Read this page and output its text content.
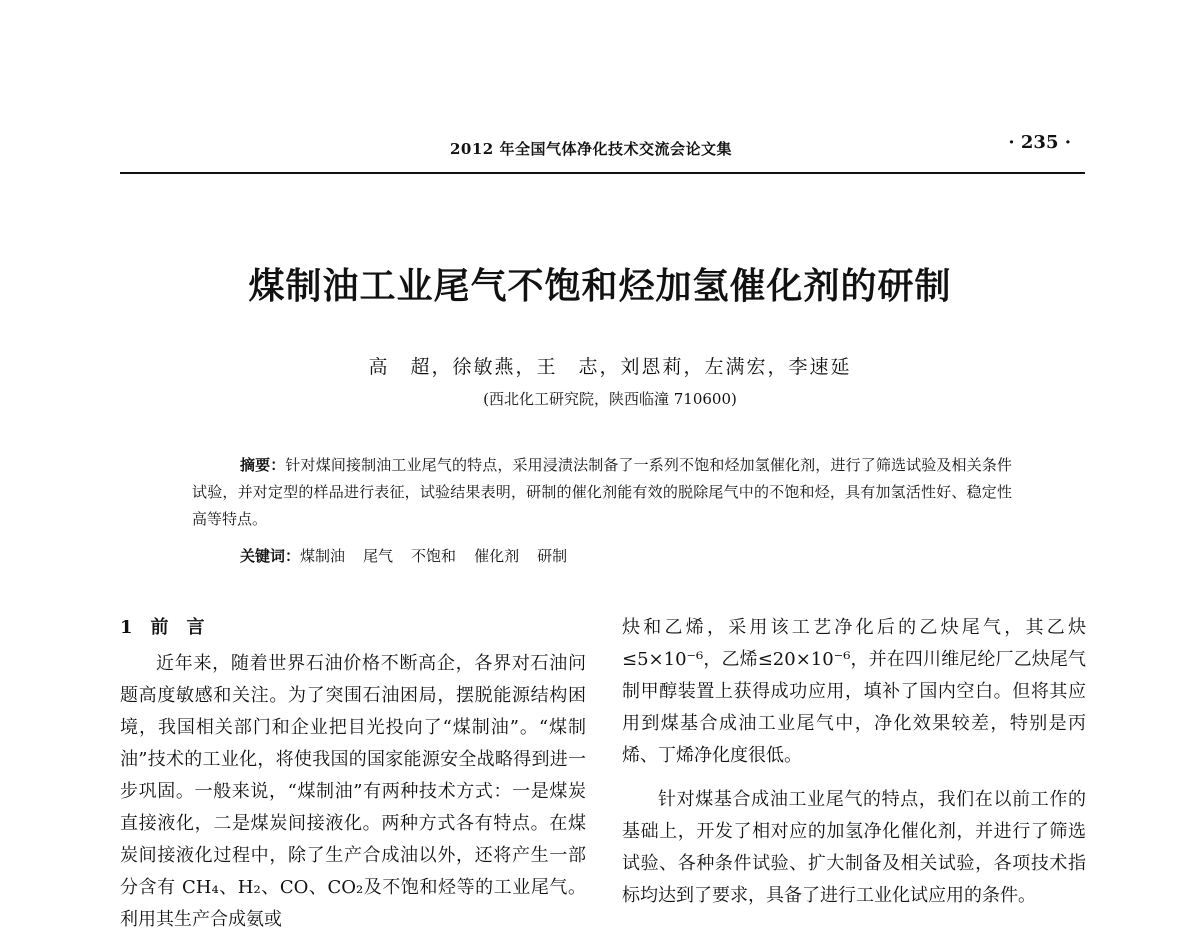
2012 年全国气体净化技术交流会论文集	· 235 ·
煤制油工业尾气不饱和烃加氢催化剂的研制
高　超，徐敏燕，王　志，刘恩莉，左满宏，李速延
(西北化工研究院，陕西临潼 710600)

摘要：针对煤间接制油工业尾气的特点，采用浸渍法制备了一系列不饱和烃加氢催化剂，进行了筛选试验及相关条件试验，并对定型的样品进行表征，试验结果表明，研制的催化剂能有效的脱除尾气中的不饱和烃，具有加氢活性好、稳定性高等特点。

关键词：煤制油 尾气 不饱和 催化剂 研制
1 前言

近年来，随着世界石油价格不断高企，各界对石油问题高度敏感和关注。为了突围石油困局，摆脱能源结构困境，我国相关部门和企业把目光投向了“煤制油”。“煤制油”技术的工业化，将使我国的国家能源安全战略得到进一步巩固。一般来说，“煤制油”有两种技术方式：一是煤炭直接液化，二是煤炭间接液化。两种方式各有特点。在煤炭间接液化过程中，除了生产合成油以外，还将产生一部分含有 CH₄、H₂、CO、CO₂及不饱和烃等的工业尾气。利用其生产合成氨或

炔和乙烯，采用该工艺净化后的乙炔尾气，其乙炔≤5×10⁻⁶，乙烯≤20×10⁻⁶，并在四川维尼纶厂乙炔尾气制甲醇装置上获得成功应用，填补了国内空白。但将其应用到煤基合成油工业尾气中，净化效果较差，特别是丙烯、丁烯净化度很低。

针对煤基合成油工业尾气的特点，我们在以前工作的基础上，开发了相对应的加氢净化催化剂，并进行了筛选试验、各种条件试验、扩大制备及相关试验，各项技术指标均达到了要求，具备了进行工业化试应用的条件。
